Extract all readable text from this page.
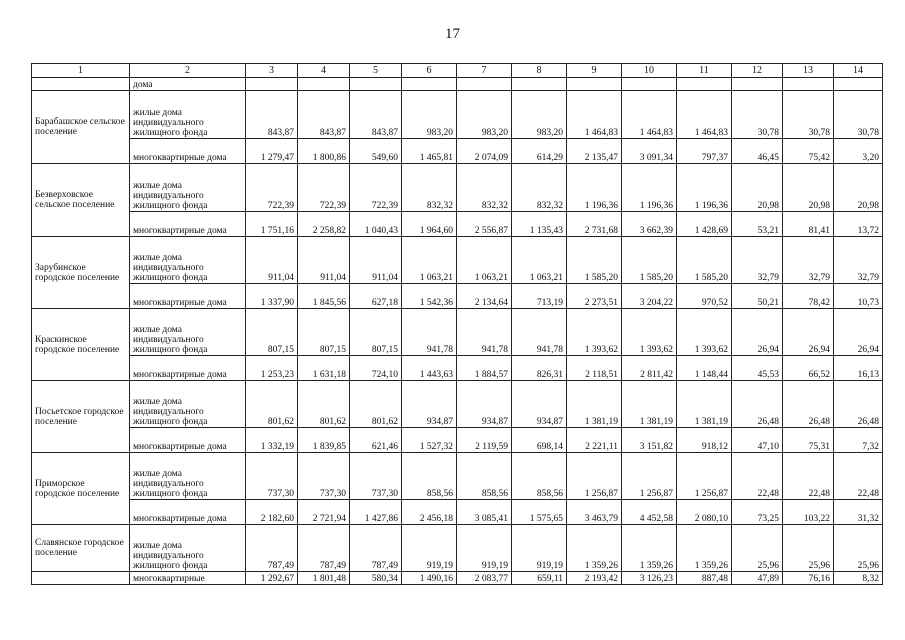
17
1	2	3	4	5	6	7	8	9	10	11	12	13	14
	дома												
Барабашское сельское поселение	жилые дома индивидуального жилищного фонда	843,87	843,87	843,87	983,20	983,20	983,20	1 464,83	1 464,83	1 464,83	30,78	30,78	30,78
	многоквартирные дома	1 279,47	1 800,86	549,60	1 465,81	2 074,09	614,29	2 135,47	3 091,34	797,37	46,45	75,42	3,20
Безверховское сельское поселение	жилые дома индивидуального жилищного фонда	722,39	722,39	722,39	832,32	832,32	832,32	1 196,36	1 196,36	1 196,36	20,98	20,98	20,98
	многоквартирные дома	1 751,16	2 258,82	1 040,43	1 964,60	2 556,87	1 135,43	2 731,68	3 662,39	1 428,69	53,21	81,41	13,72
Зарубинское городское поселение	жилые дома индивидуального жилищного фонда	911,04	911,04	911,04	1 063,21	1 063,21	1 063,21	1 585,20	1 585,20	1 585,20	32,79	32,79	32,79
	многоквартирные дома	1 337,90	1 845,56	627,18	1 542,36	2 134,64	713,19	2 273,51	3 204,22	970,52	50,21	78,42	10,73
Краскинское городское поселение	жилые дома индивидуального жилищного фонда	807,15	807,15	807,15	941,78	941,78	941,78	1 393,62	1 393,62	1 393,62	26,94	26,94	26,94
	многоквартирные дома	1 253,23	1 631,18	724,10	1 443,63	1 884,57	826,31	2 118,51	2 811,42	1 148,44	45,53	66,52	16,13
Посьетское городское поселение	жилые дома индивидуального жилищного фонда	801,62	801,62	801,62	934,87	934,87	934,87	1 381,19	1 381,19	1 381,19	26,48	26,48	26,48
	многоквартирные дома	1 332,19	1 839,85	621,46	1 527,32	2 119,59	698,14	2 221,11	3 151,82	918,12	47,10	75,31	7,32
Приморское городское поселение	жилые дома индивидуального жилищного фонда	737,30	737,30	737,30	858,56	858,56	858,56	1 256,87	1 256,87	1 256,87	22,48	22,48	22,48
	многоквартирные дома	2 182,60	2 721,94	1 427,86	2 456,18	3 085,41	1 575,65	3 463,79	4 452,58	2 080,10	73,25	103,22	31,32
Славянское городское поселение	жилые дома индивидуального жилищного фонда	787,49	787,49	787,49	919,19	919,19	919,19	1 359,26	1 359,26	1 359,26	25,96	25,96	25,96
	многоквартирные	1 292,67	1 801,48	580,34	1 490,16	2 083,77	659,11	2 193,42	3 126,23	887,48	47,89	76,16	8,32
